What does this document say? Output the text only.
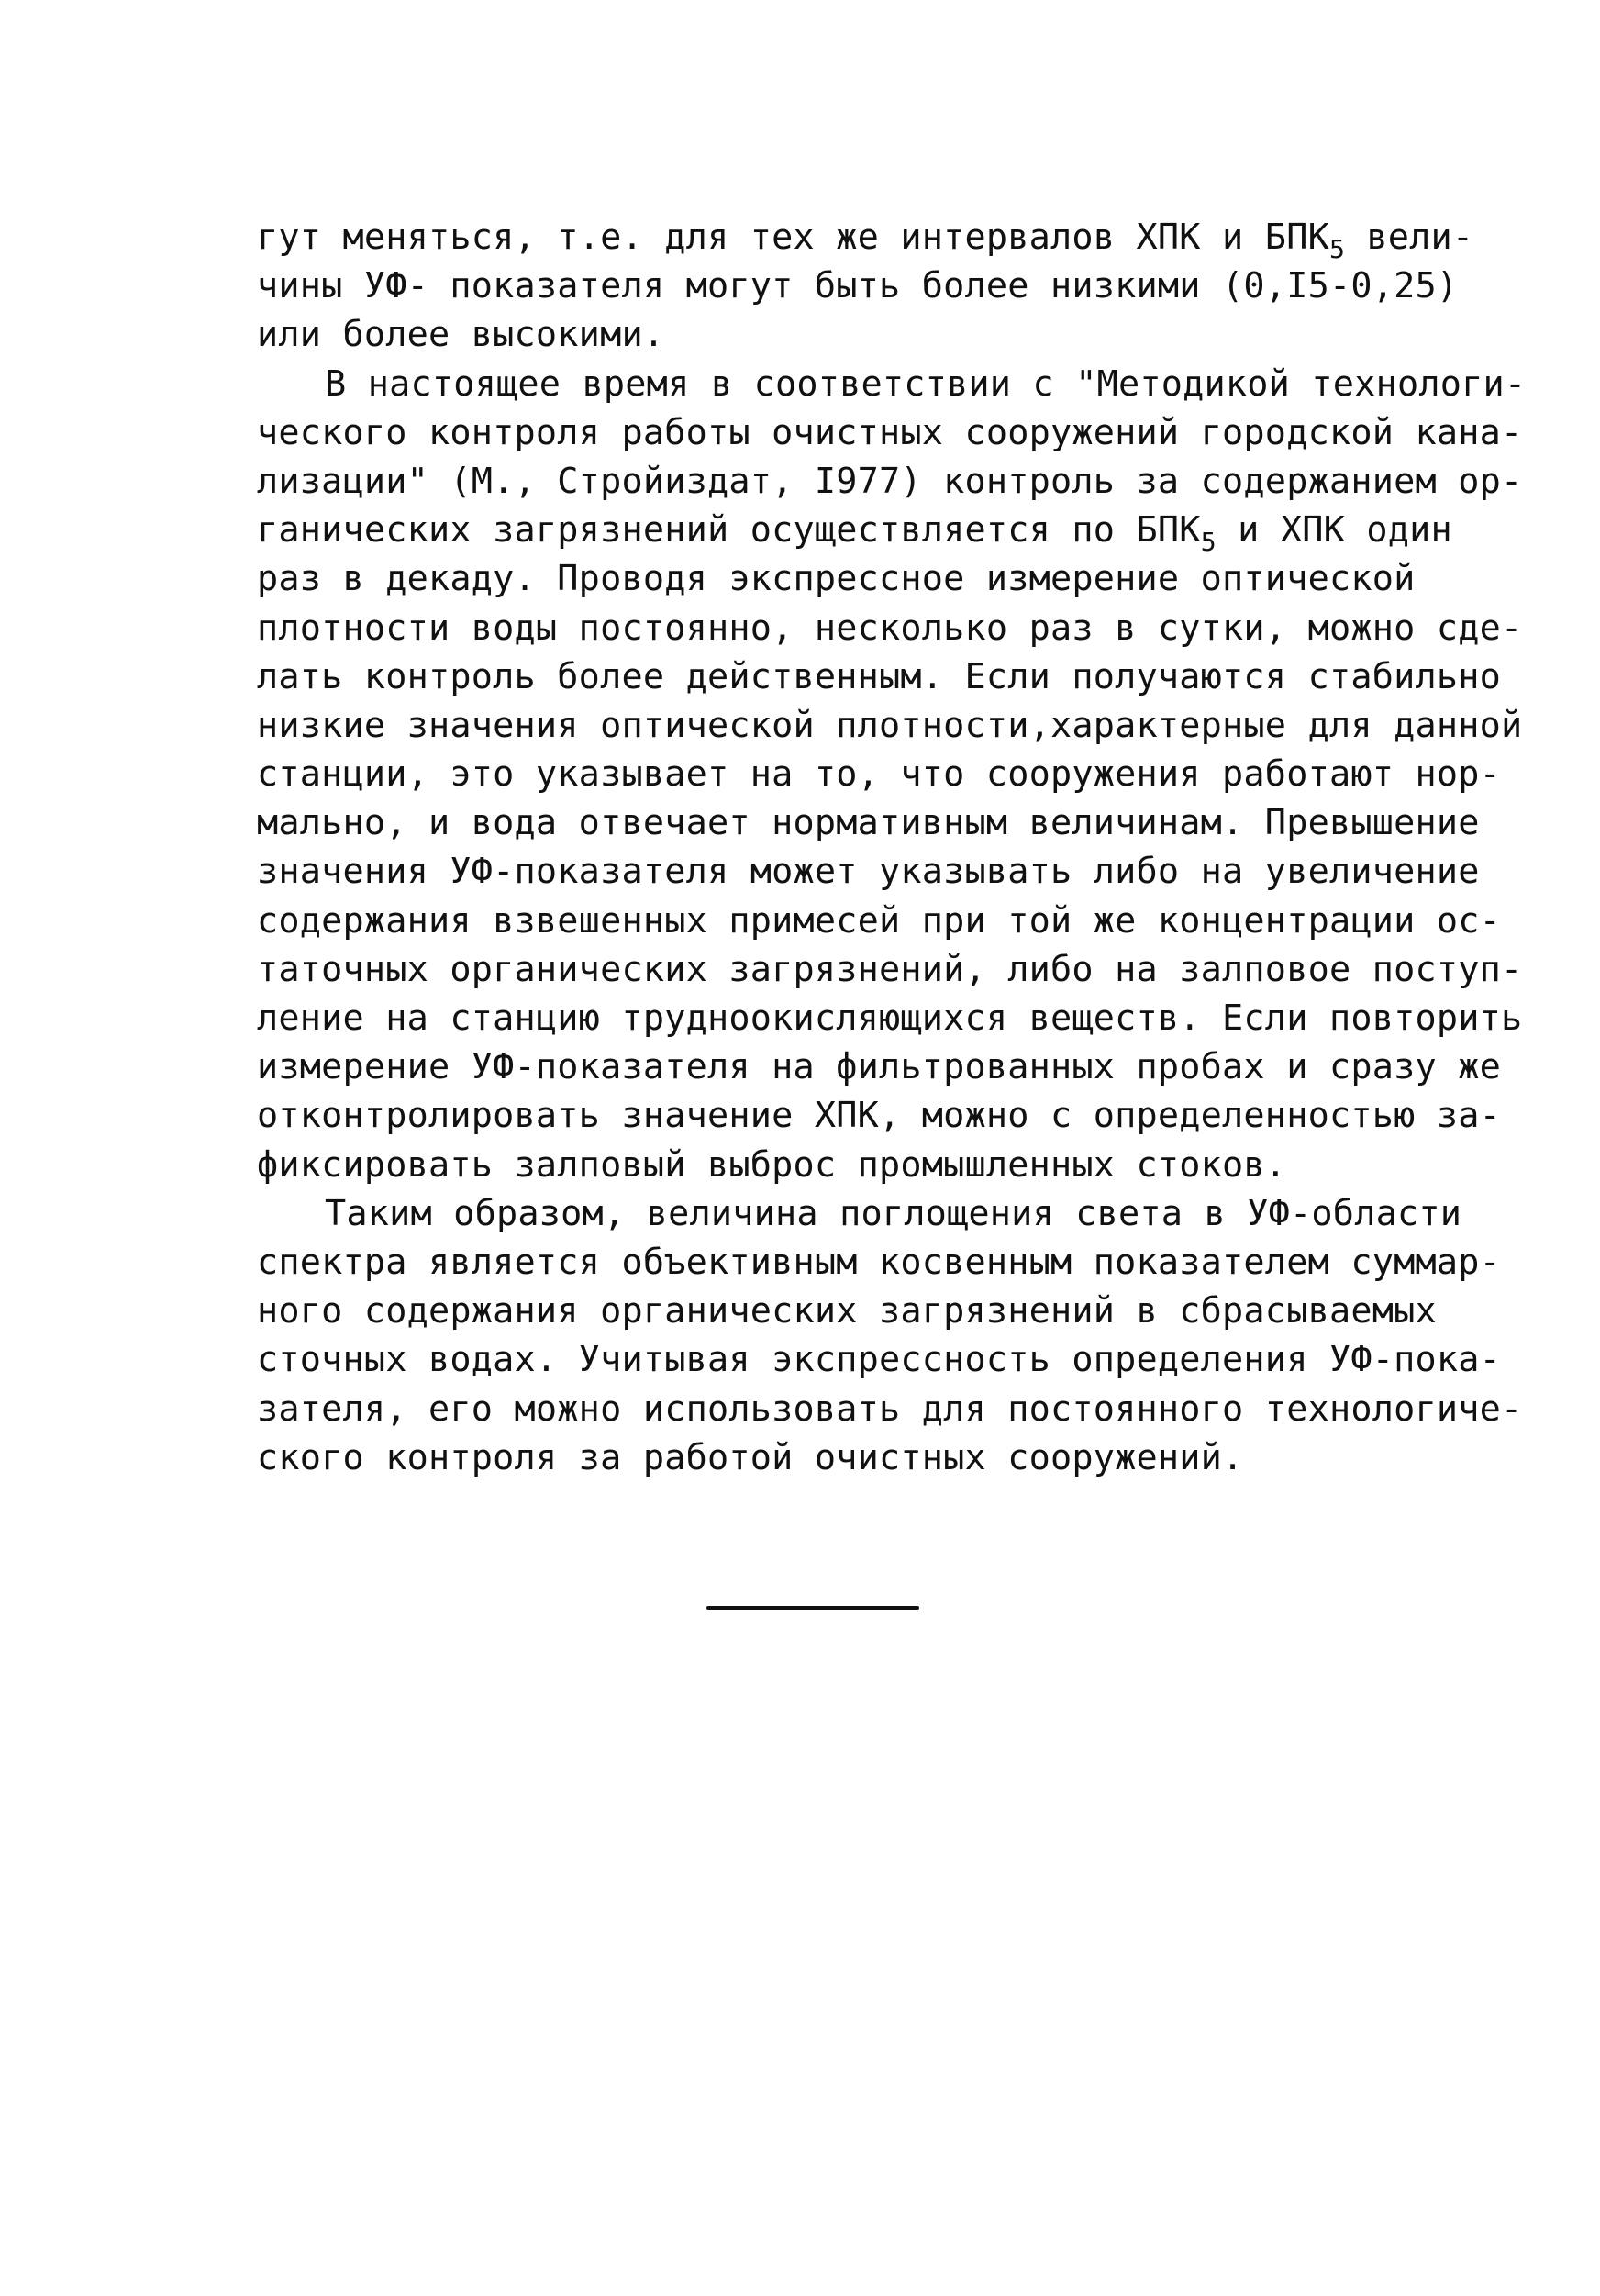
гут меняться, т.е. для тех же интервалов ХПК и $БПК_5$ вели-
чины УФ- показателя могут быть более низкими (0,I5-0,25)
или более высокими.
В настоящее время в соответствии с "Методикой технологи-
ческого контроля работы очистных сооружений городской кана-
лизации" (М., Стройиздат, I977) контроль за содержанием ор-
ганических загрязнений осуществляется по $БПК_5$ и ХПК один
раз в декаду. Проводя экспрессное измерение оптической
плотности воды постоянно, несколько раз в сутки, можно сде-
лать контроль более действенным. Если получаются стабильно
низкие значения оптической плотности,характерные для данной
станции, это указывает на то, что сооружения работают нор-
мально, и вода отвечает нормативным величинам. Превышение
значения УФ-показателя может указывать либо на увеличение
содержания взвешенных примесей при той же концентрации ос-
таточных органических загрязнений, либо на залповое поступ-
ление на станцию трудноокисляющихся веществ. Если повторить
измерение УФ-показателя на фильтрованных пробах и сразу же
отконтролировать значение ХПК, можно с определенностью за-
фиксировать залповый выброс промышленных стоков.
Таким образом, величина поглощения света в УФ-области
спектра является объективным косвенным показателем суммар-
ного содержания органических загрязнений в сбрасываемых
сточных водах. Учитывая экспрессность определения УФ-пока-
зателя, его можно использовать для постоянного технологиче-
ского контроля за работой очистных сооружений.
